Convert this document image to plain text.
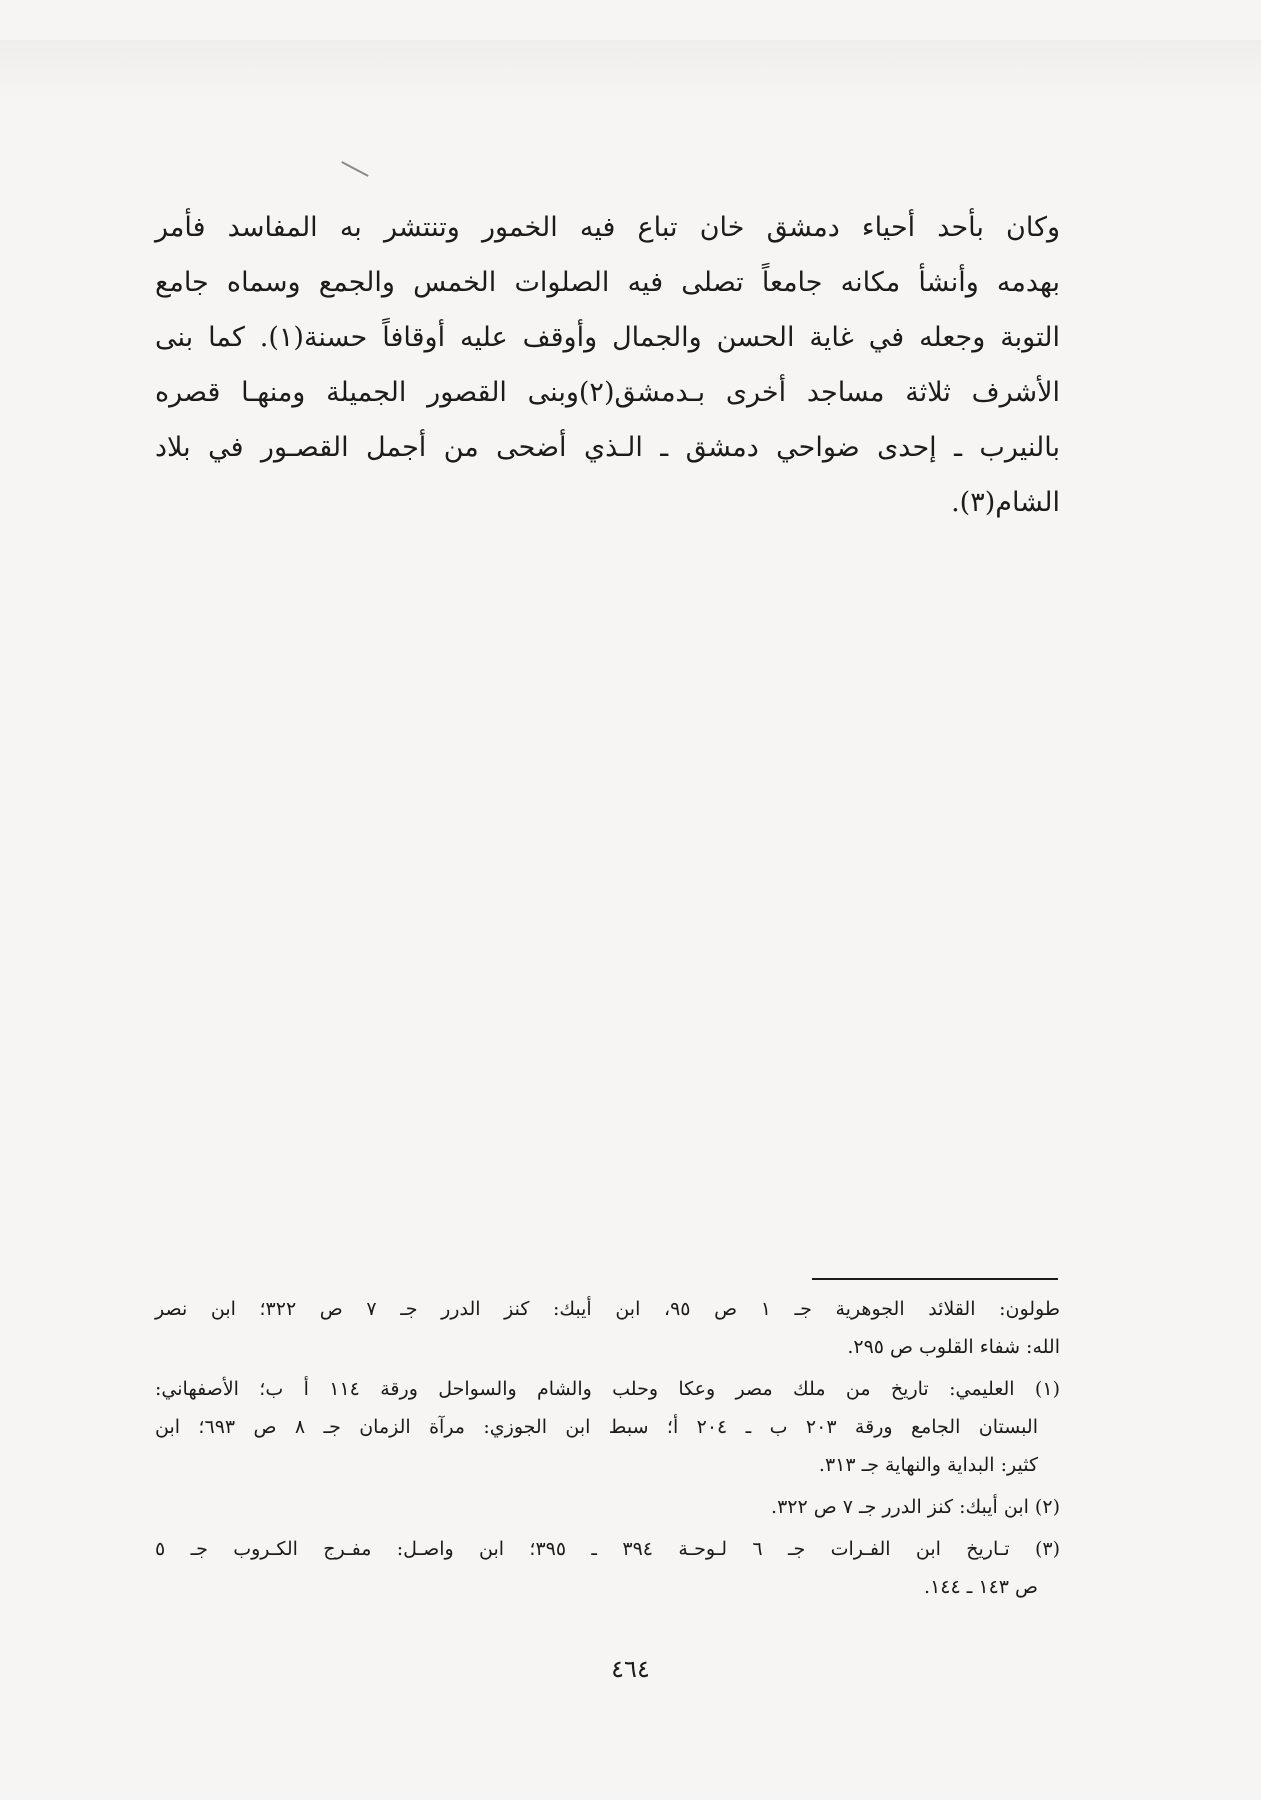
وكان بأحد أحياء دمشق خان تباع فيه الخمور وتنتشر به المفاسد فأمر
بهدمه وأنشأ مكانه جامعاً تصلى فيه الصلوات الخمس والجمع وسماه جامع
التوبة وجعله في غاية الحسن والجمال وأوقف عليه أوقافاً حسنة(١). كما بنى
الأشرف ثلاثة مساجد أخرى بـدمشق(٢)وبنى القصور الجميلة ومنهـا قصره
بالنيرب ـ إحدى ضواحي دمشق ـ الـذي أضحى من أجمل القصـور في بلاد
الشام(٣).

طولون: القلائد الجوهرية جـ ١ ص ٩٥، ابن أيبك: كنز الدرر جـ ٧ ص ٣٢٢؛ ابن نصر
الله: شفاء القلوب ص ٢٩٥.
(١) العليمي: تاريخ من ملك مصر وعكا وحلب والشام والسواحل ورقة ١١٤ أ ب؛ الأصفهاني:
البستان الجامع ورقة ٢٠٣ ب ـ ٢٠٤ أ؛ سبط ابن الجوزي: مرآة الزمان جـ ٨ ص ٦٩٣؛ ابن
كثير: البداية والنهاية جـ ٣١٣.
(٢) ابن أيبك: كنز الدرر جـ ٧ ص ٣٢٢.
(٣) تـاريخ ابن الفـرات جـ ٦ لـوحـة ٣٩٤ ـ ٣٩٥؛ ابن واصـل: مفـرج الكـروب جـ ٥
ص ١٤٣ ـ ١٤٤.
٤٦٤
